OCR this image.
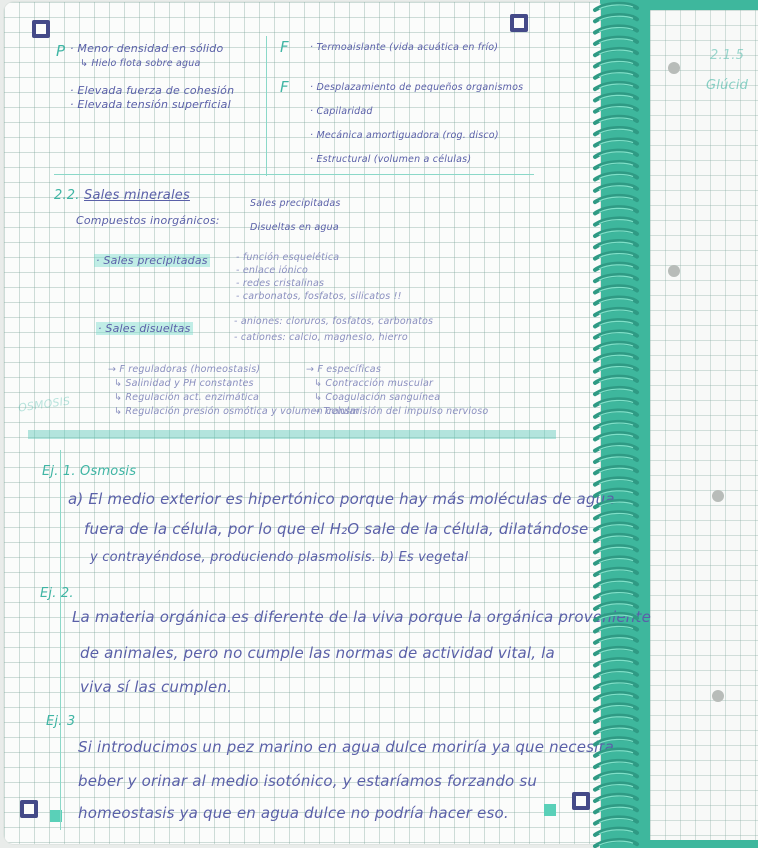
2.1.5
Glúcid
P · Menor densidad en sólido
↳ Hielo flota sobre agua
· Elevada fuerza de cohesión
· Elevada tensión superficial
F · Termoaislante (vida acuática en frío)
F · Desplazamiento de pequeños organismos
· Capilaridad
· Mecánica amortiguadora (rog. disco)
· Estructural (volumen a células)
2.2. Sales minerales
Compuestos inorgánicos:
Sales precipitadas
Disueltas en agua
· Sales precipitadas	- función esquelética
- enlace iónico
- redes cristalinas
- carbonatos, fosfatos, silicatos !!
· Sales disueltas
- aniones: cloruros, fosfatos, carbonatos
- cationes: calcio, magnesio, hierro
→ F reguladoras (homeostasis)
↳ Salinidad y PH constantes
↳ Regulación act. enzimática
↳ Regulación presión osmótica y volumen celular
→ F específicas
↳ Contracción muscular
↳ Coagulación sanguínea
→ Transmisión del impulso nervioso
OSMOSIS
Ej. 1. Osmosis
a) El medio exterior es hipertónico porque hay más moléculas de agua
fuera de la célula, por lo que el H₂O sale de la célula, dilatándose
y contrayéndose, produciendo plasmolisis. b) Es vegetal
Ej. 2.
La materia orgánica es diferente de la viva porque la orgánica proveniente
de animales, pero no cumple las normas de actividad vital, la
viva sí las cumplen.
Ej. 3
Si introducimos un pez marino en agua dulce moriría ya que necesita
beber y orinar al medio isotónico, y estaríamos forzando su
homeostasis ya que en agua dulce no podría hacer eso.
